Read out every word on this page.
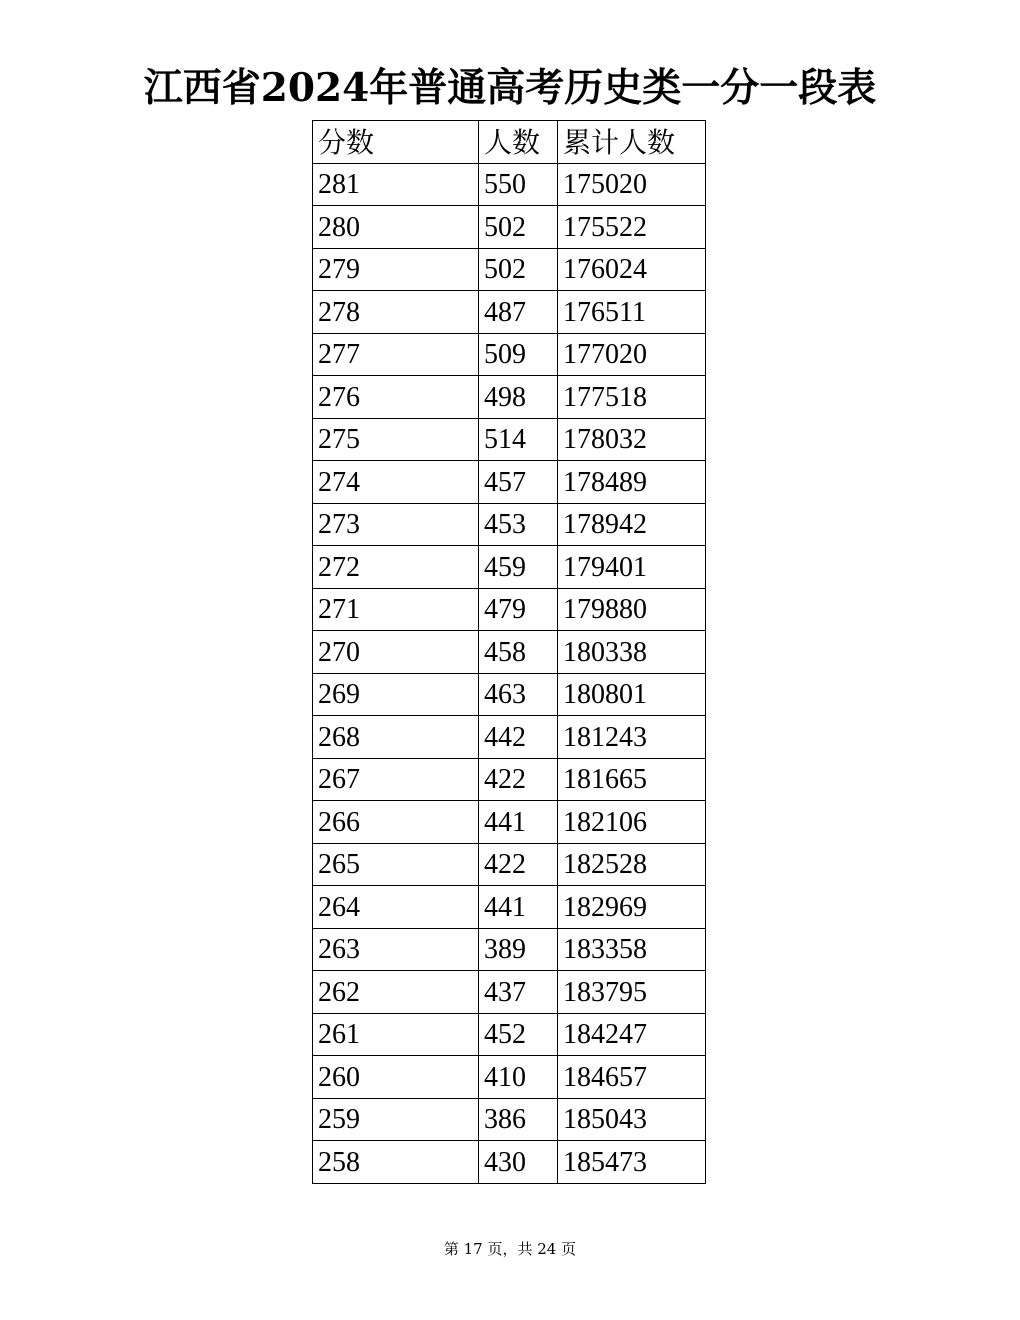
江西省2024年普通高考历史类一分一段表
分数	人数	累计人数
281	550	175020
280	502	175522
279	502	176024
278	487	176511
277	509	177020
276	498	177518
275	514	178032
274	457	178489
273	453	178942
272	459	179401
271	479	179880
270	458	180338
269	463	180801
268	442	181243
267	422	181665
266	441	182106
265	422	182528
264	441	182969
263	389	183358
262	437	183795
261	452	184247
260	410	184657
259	386	185043
258	430	185473
第 17 页，共 24 页
